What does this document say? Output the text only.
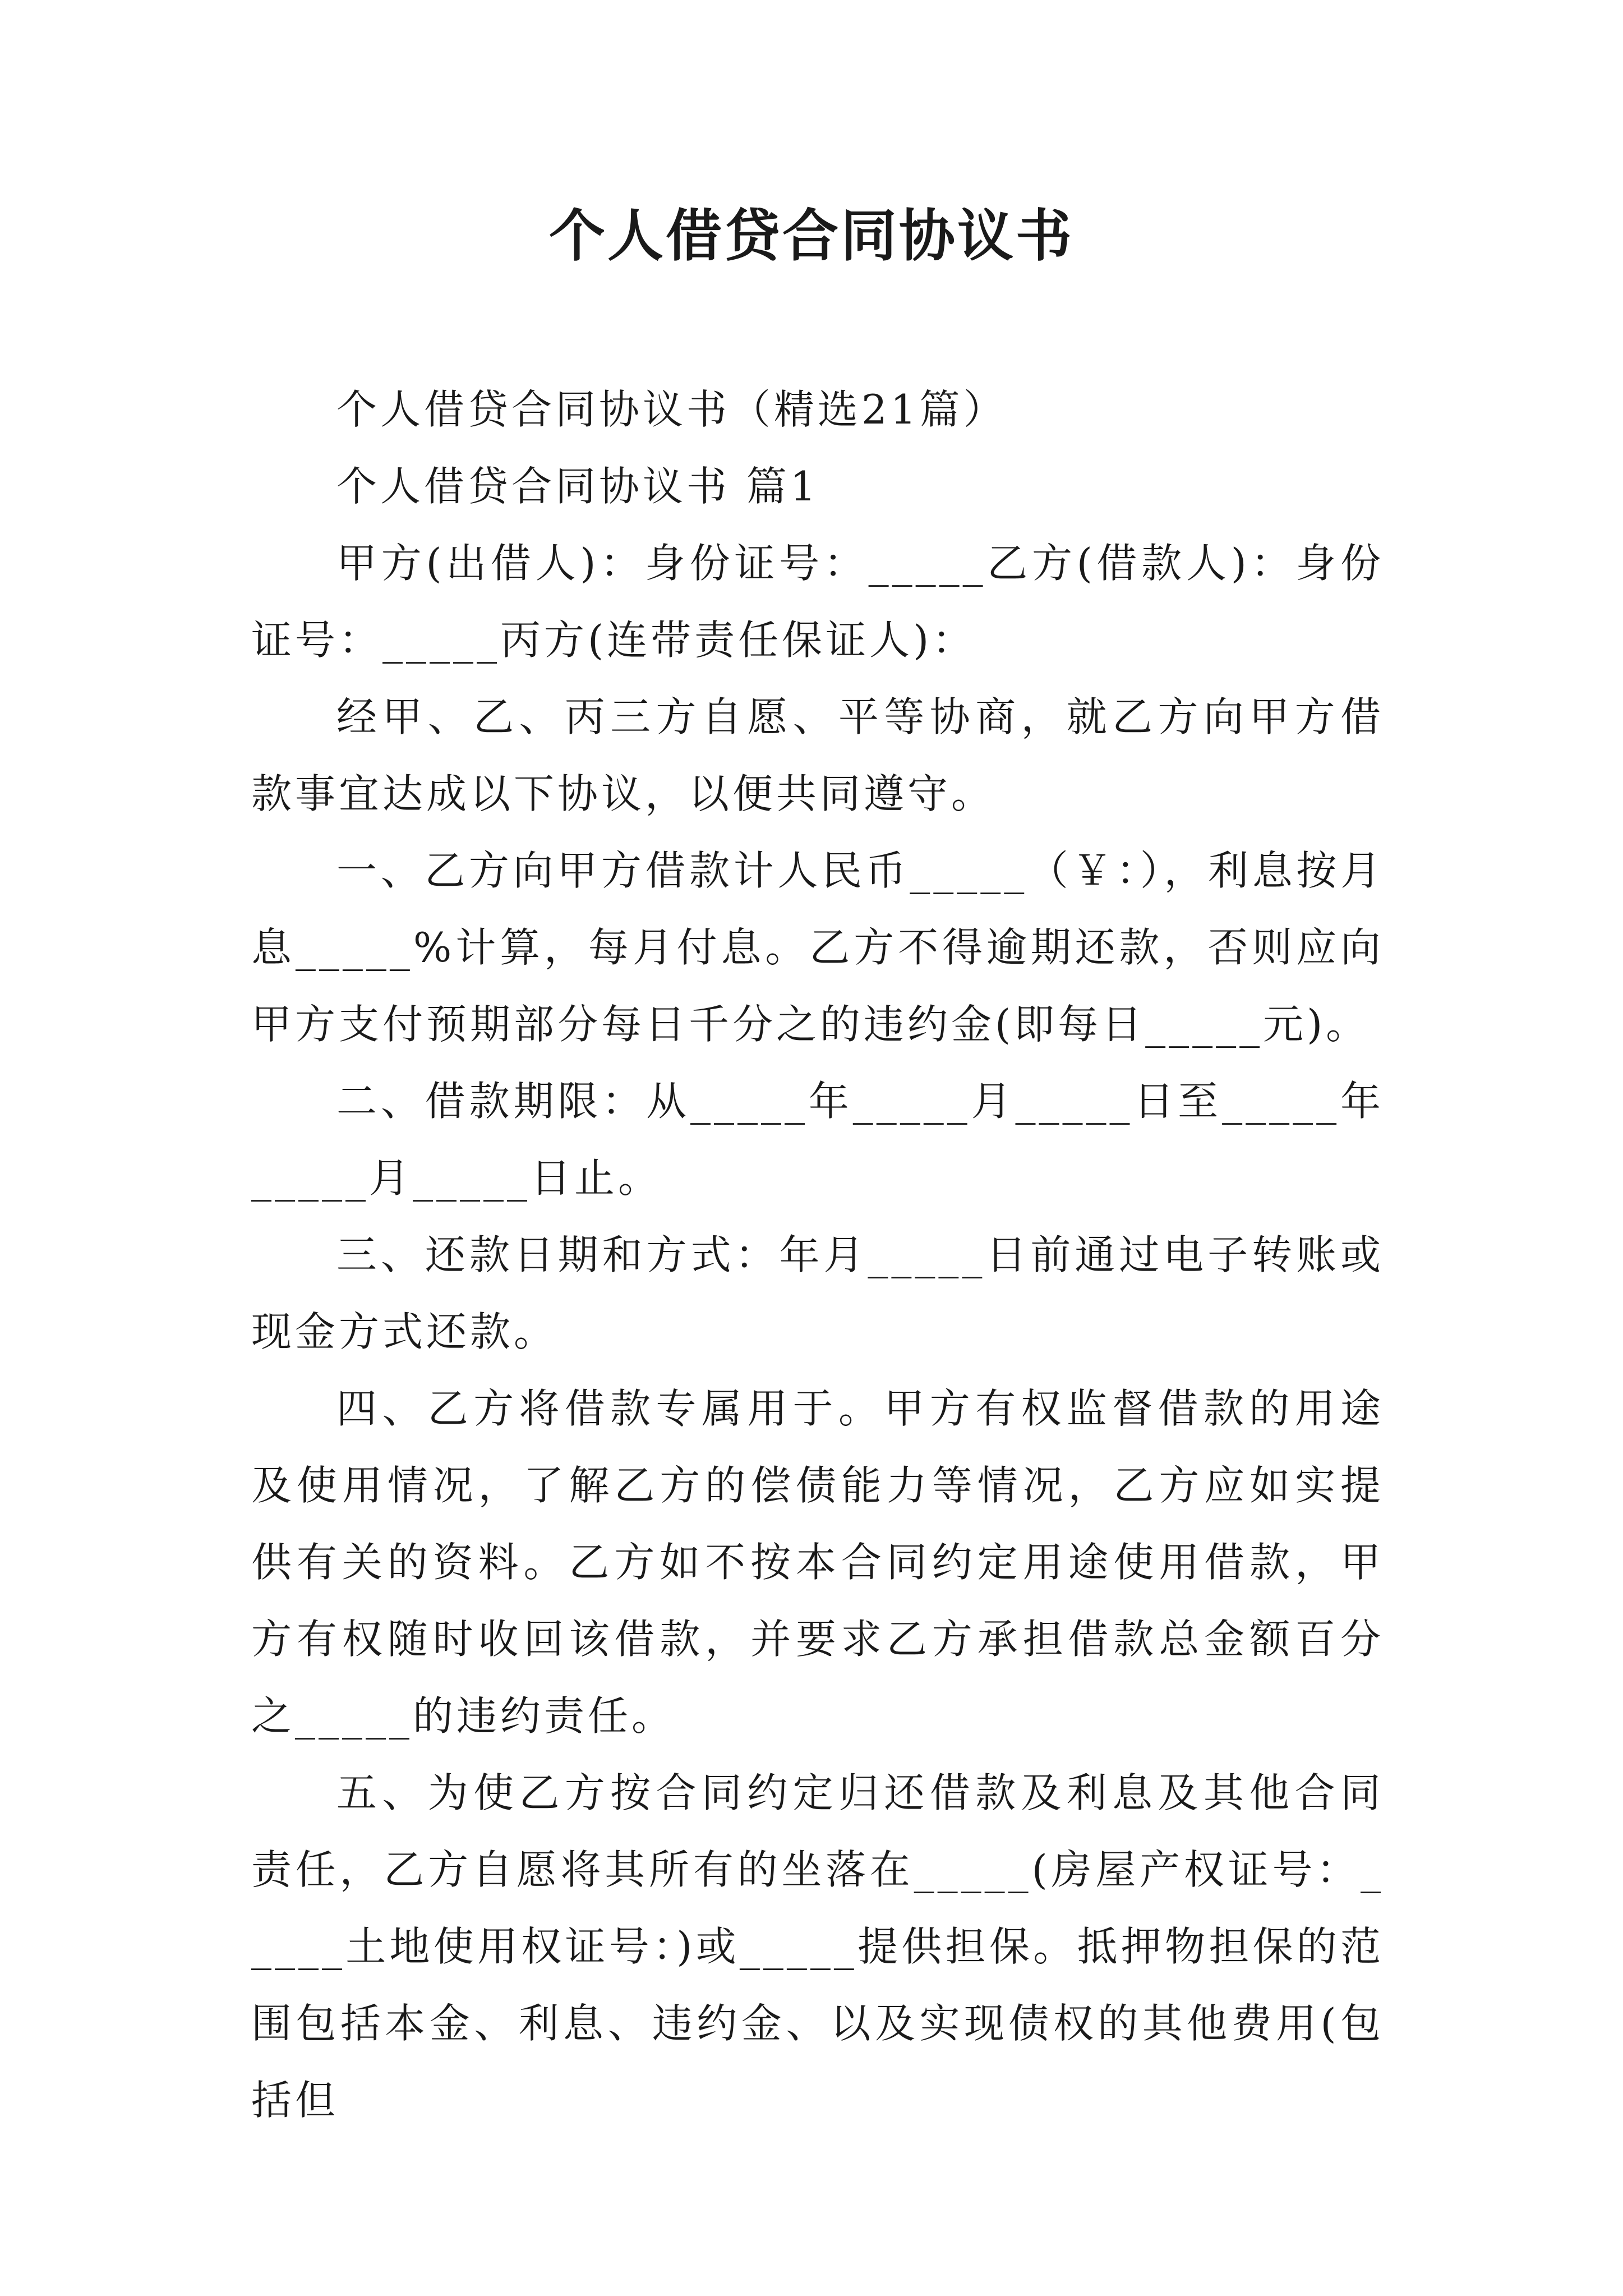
个人借贷合同协议书

个人借贷合同协议书（精选21篇）

个人借贷合同协议书 篇1

甲方(出借人)：身份证号：_____乙方(借款人)：身份证号：_____丙方(连带责任保证人)：

经甲、乙、丙三方自愿、平等协商，就乙方向甲方借款事宜达成以下协议，以便共同遵守。

一、乙方向甲方借款计人民币_____（￥：），利息按月息_____%计算，每月付息。乙方不得逾期还款，否则应向甲方支付预期部分每日千分之的违约金(即每日_____元)。

二、借款期限：从_____年_____月_____日至_____年_____月_____日止。

三、还款日期和方式：年月_____日前通过电子转账或现金方式还款。

四、乙方将借款专属用于。甲方有权监督借款的用途及使用情况，了解乙方的偿债能力等情况，乙方应如实提供有关的资料。乙方如不按本合同约定用途使用借款，甲方有权随时收回该借款，并要求乙方承担借款总金额百分之_____的违约责任。

五、为使乙方按合同约定归还借款及利息及其他合同责任，乙方自愿将其所有的坐落在_____(房屋产权证号：_____土地使用权证号：)或_____提供担保。抵押物担保的范围包括本金、利息、违约金、以及实现债权的其他费用(包括但
